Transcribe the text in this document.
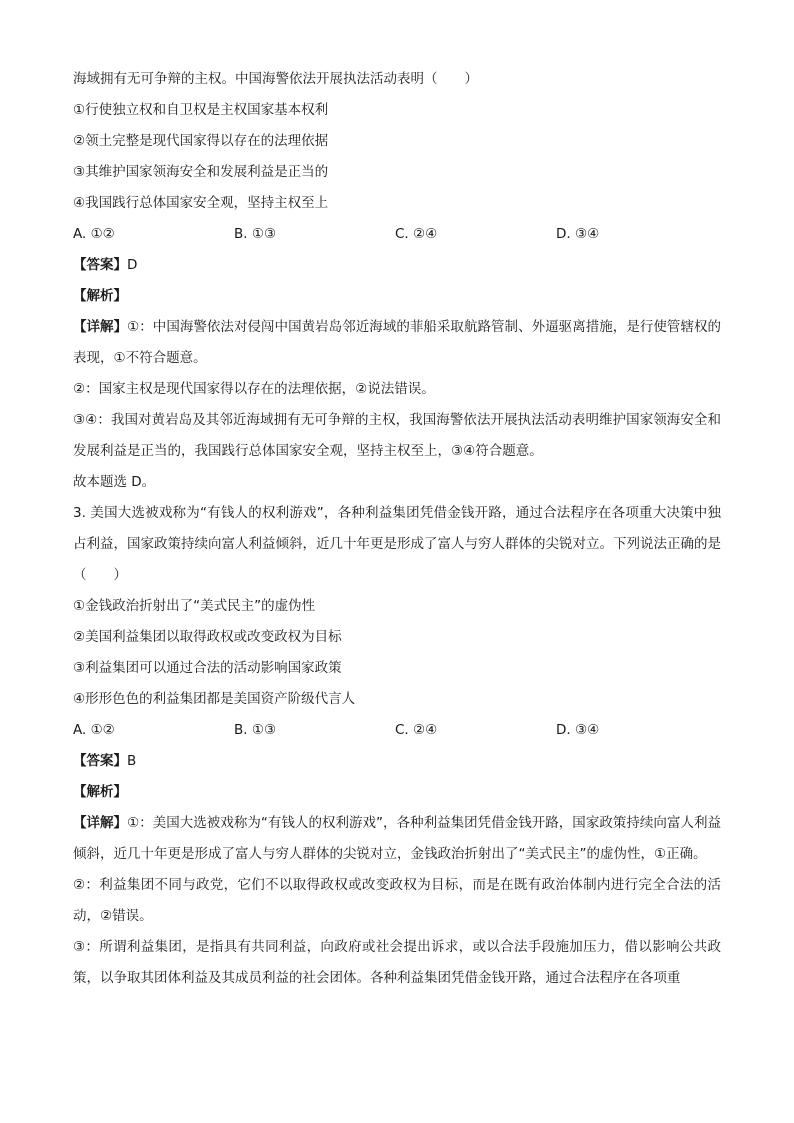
海域拥有无可争辩的主权。中国海警依法开展执法活动表明（　　）
①行使独立权和自卫权是主权国家基本权利
②领土完整是现代国家得以存在的法理依据
③其维护国家领海安全和发展利益是正当的
④我国践行总体国家安全观，坚持主权至上
A. ①②	B. ①③	C. ②④	D. ③④
【答案】D
【解析】
【详解】①：中国海警依法对侵闯中国黄岩岛邻近海域的菲船采取航路管制、外逼驱离措施，是行使管辖权的表现，①不符合题意。
②：国家主权是现代国家得以存在的法理依据，②说法错误。
③④：我国对黄岩岛及其邻近海域拥有无可争辩的主权，我国海警依法开展执法活动表明维护国家领海安全和发展利益是正当的，我国践行总体国家安全观，坚持主权至上，③④符合题意。
故本题选 D。
3. 美国大选被戏称为“有钱人的权利游戏”，各种利益集团凭借金钱开路，通过合法程序在各项重大决策中独占利益，国家政策持续向富人利益倾斜，近几十年更是形成了富人与穷人群体的尖锐对立。下列说法正确的是（　　）
①金钱政治折射出了“美式民主”的虚伪性
②美国利益集团以取得政权或改变政权为目标
③利益集团可以通过合法的活动影响国家政策
④形形色色的利益集团都是美国资产阶级代言人
A. ①②	B. ①③	C. ②④	D. ③④
【答案】B
【解析】
【详解】①：美国大选被戏称为“有钱人的权利游戏”，各种利益集团凭借金钱开路，国家政策持续向富人利益倾斜，近几十年更是形成了富人与穷人群体的尖锐对立，金钱政治折射出了“美式民主”的虚伪性，①正确。
②：利益集团不同与政党，它们不以取得政权或改变政权为目标，而是在既有政治体制内进行完全合法的活动，②错误。
③：所谓利益集团，是指具有共同利益，向政府或社会提出诉求，或以合法手段施加压力，借以影响公共政策，以争取其团体利益及其成员利益的社会团体。各种利益集团凭借金钱开路，通过合法程序在各项重
